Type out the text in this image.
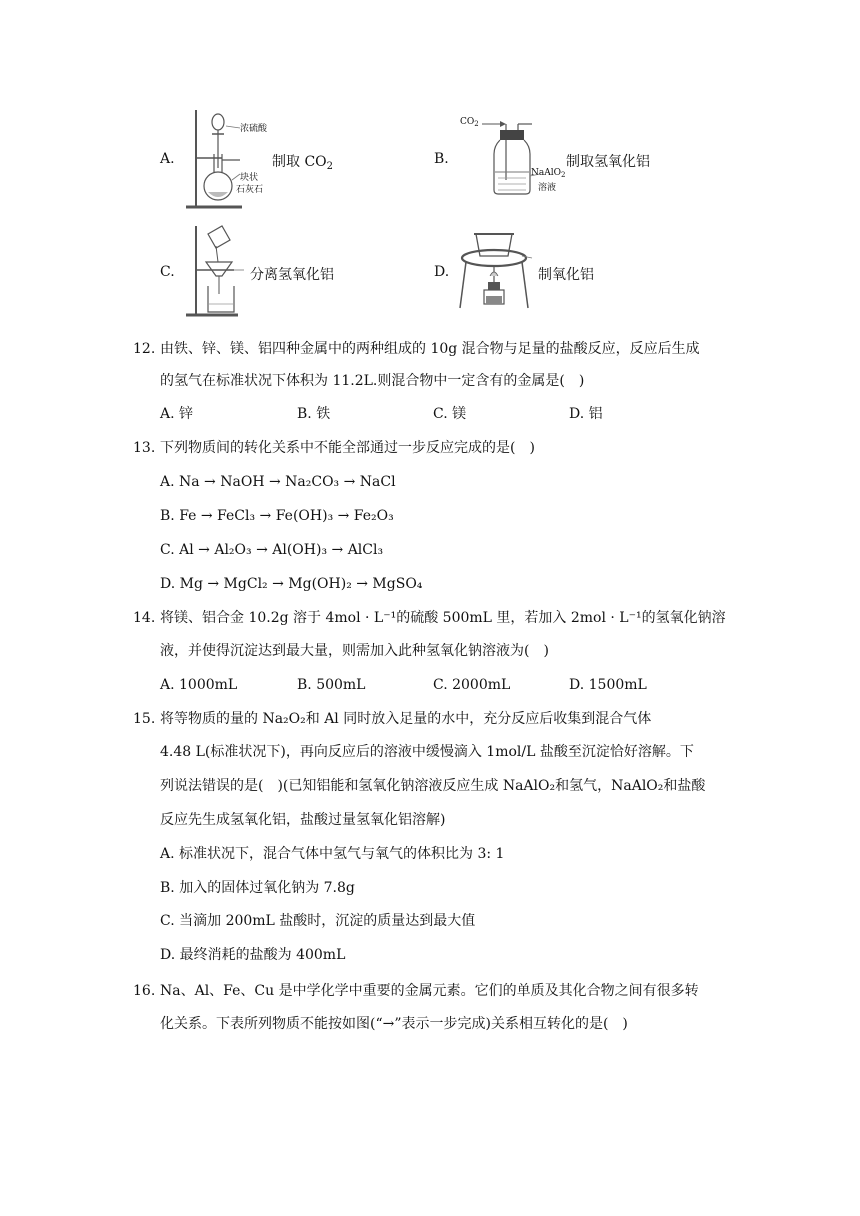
A.
浓硫酸
块状
石灰石
制取 $CO_2$	B.
$CO_2$
NaAlO$_2$
溶液
制取氢氧化铝
C.	分离氢氧化铝	D.	制氧化铝
12. 由铁、锌、镁、铝四种金属中的两种组成的 10g 混合物与足量的盐酸反应，反应后生成
的氢气在标准状况下体积为 11.2L.则混合物中一定含有的金属是(　)
A. 锌	B. 铁	C. 镁	D. 铝
13. 下列物质间的转化关系中不能全部通过一步反应完成的是(　)
A. Na → NaOH → Na₂CO₃ → NaCl
B. Fe → FeCl₃ → Fe(OH)₃ → Fe₂O₃
C. Al → Al₂O₃ → Al(OH)₃ → AlCl₃
D. Mg → MgCl₂ → Mg(OH)₂ → MgSO₄
14. 将镁、铝合金 10.2g 溶于 4mol · L⁻¹的硫酸 500mL 里，若加入 2mol · L⁻¹的氢氧化钠溶
液，并使得沉淀达到最大量，则需加入此种氢氧化钠溶液为(　)
A. 1000mL	B. 500mL	C. 2000mL	D. 1500mL
15. 将等物质的量的 Na₂O₂和 Al 同时放入足量的水中，充分反应后收集到混合气体
4.48 L(标准状况下)，再向反应后的溶液中缓慢滴入 1mol/L 盐酸至沉淀恰好溶解。下
列说法错误的是(　)(已知铝能和氢氧化钠溶液反应生成 NaAlO₂和氢气，NaAlO₂和盐酸
反应先生成氢氧化铝，盐酸过量氢氧化铝溶解)
A. 标准状况下，混合气体中氢气与氧气的体积比为 3: 1
B. 加入的固体过氧化钠为 7.8g
C. 当滴加 200mL 盐酸时，沉淀的质量达到最大值
D. 最终消耗的盐酸为 400mL
16. Na、Al、Fe、Cu 是中学化学中重要的金属元素。它们的单质及其化合物之间有很多转
化关系。下表所列物质不能按如图(“→”表示一步完成)关系相互转化的是(　)
